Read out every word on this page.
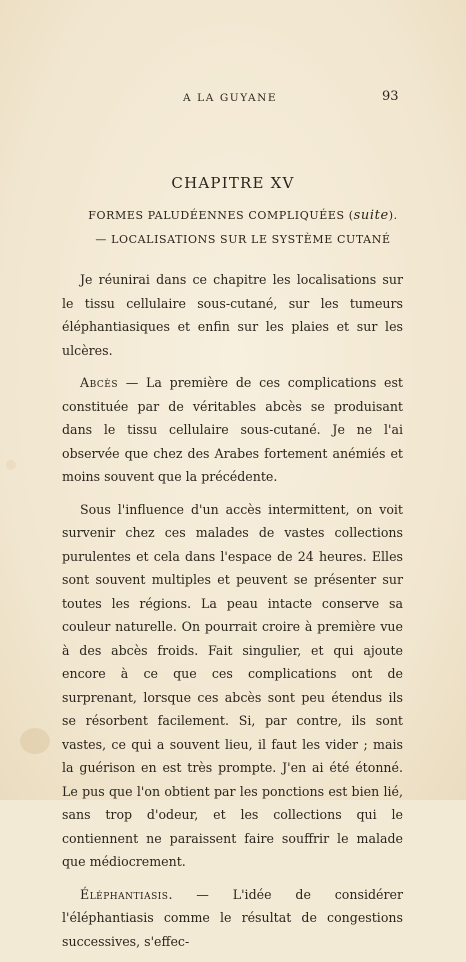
A LA GUYANE	93
CHAPITRE XV
FORMES PALUDÉENNES COMPLIQUÉES (suite). — LOCALISATIONS SUR LE SYSTÈME CUTANÉ

Je réunirai dans ce chapitre les localisations sur le tissu cellulaire sous-cutané, sur les tumeurs éléphantiasiques et enfin sur les plaies et sur les ulcères.

Abcès — La première de ces complications est constituée par de véritables abcès se produisant dans le tissu cellulaire sous-cutané. Je ne l'ai observée que chez des Arabes fortement anémiés et moins souvent que la précédente.

Sous l'influence d'un accès intermittent, on voit survenir chez ces malades de vastes collections purulentes et cela dans l'espace de 24 heures. Elles sont souvent multiples et peuvent se présenter sur toutes les régions. La peau intacte conserve sa couleur naturelle. On pourrait croire à première vue à des abcès froids. Fait singulier, et qui ajoute encore à ce que ces complications ont de surprenant, lorsque ces abcès sont peu étendus ils se résorbent facilement. Si, par contre, ils sont vastes, ce qui a souvent lieu, il faut les vider ; mais la guérison en est très prompte. J'en ai été étonné. Le pus que l'on obtient par les ponctions est bien lié, sans trop d'odeur, et les collections qui le contiennent ne paraissent faire souffrir le malade que médiocrement.

Éléphantiasis. — L'idée de considérer l'éléphantiasis comme le résultat de congestions successives, s'effec-
